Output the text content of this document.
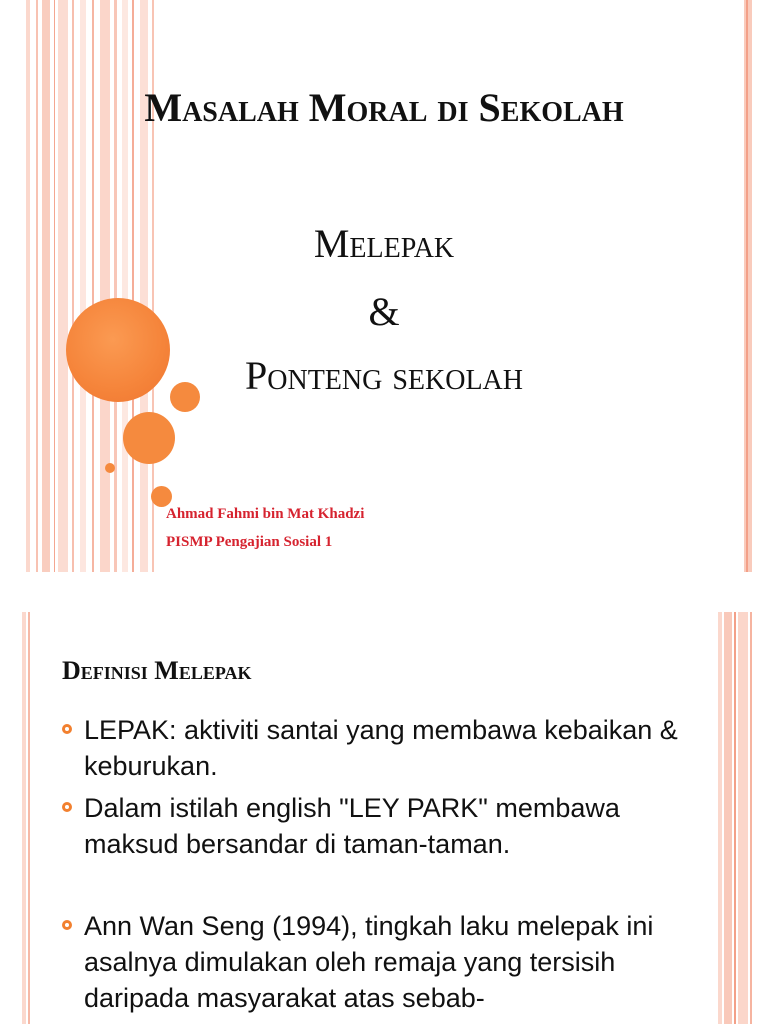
Masalah Moral di Sekolah
Melepak
&
Ponteng sekolah
Ahmad Fahmi bin Mat Khadzi
PISMP Pengajian Sosial 1
Definisi Melepak
LEPAK: aktiviti santai yang membawa kebaikan & keburukan.
Dalam istilah english "LEY PARK" membawa maksud bersandar di taman-taman.
Ann Wan Seng (1994), tingkah laku melepak ini asalnya dimulakan oleh remaja yang tersisih daripada masyarakat atas sebab-
